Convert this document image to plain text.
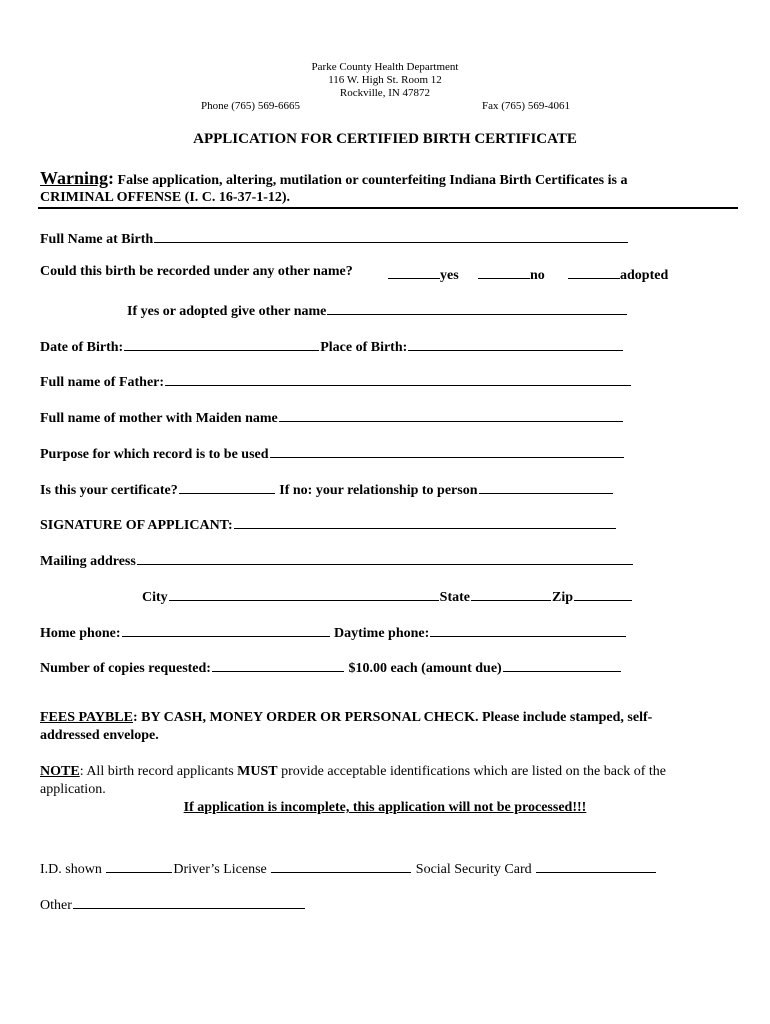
Parke County Health Department
116 W. High St. Room 12
Rockville, IN 47872
Phone (765) 569-6665	Fax (765) 569-4061
APPLICATION FOR CERTIFIED BIRTH CERTIFICATE
Warning: False application, altering, mutilation or counterfeiting Indiana Birth Certificates is a
CRIMINAL OFFENSE (I. C. 16-37-1-12).
Full Name at Birth
Could this birth be recorded under any other name?	yes	no	adopted
If yes or adopted give other name
Date of Birth:	Place of Birth:
Full name of Father:
Full name of mother with Maiden name
Purpose for which record is to be used
Is this your certificate?	If no: your relationship to person
SIGNATURE OF APPLICANT:
Mailing address
City	State	Zip
Home phone:	Daytime phone:
Number of copies requested:	$10.00 each (amount due)
FEES PAYBLE: BY CASH, MONEY ORDER OR PERSONAL CHECK. Please include stamped, self-
addressed envelope.
NOTE: All birth record applicants MUST provide acceptable identifications which are listed on the back of the
application.
If application is incomplete, this application will not be processed!!!
I.D. shown	Driver’s License	Social Security Card
Other
